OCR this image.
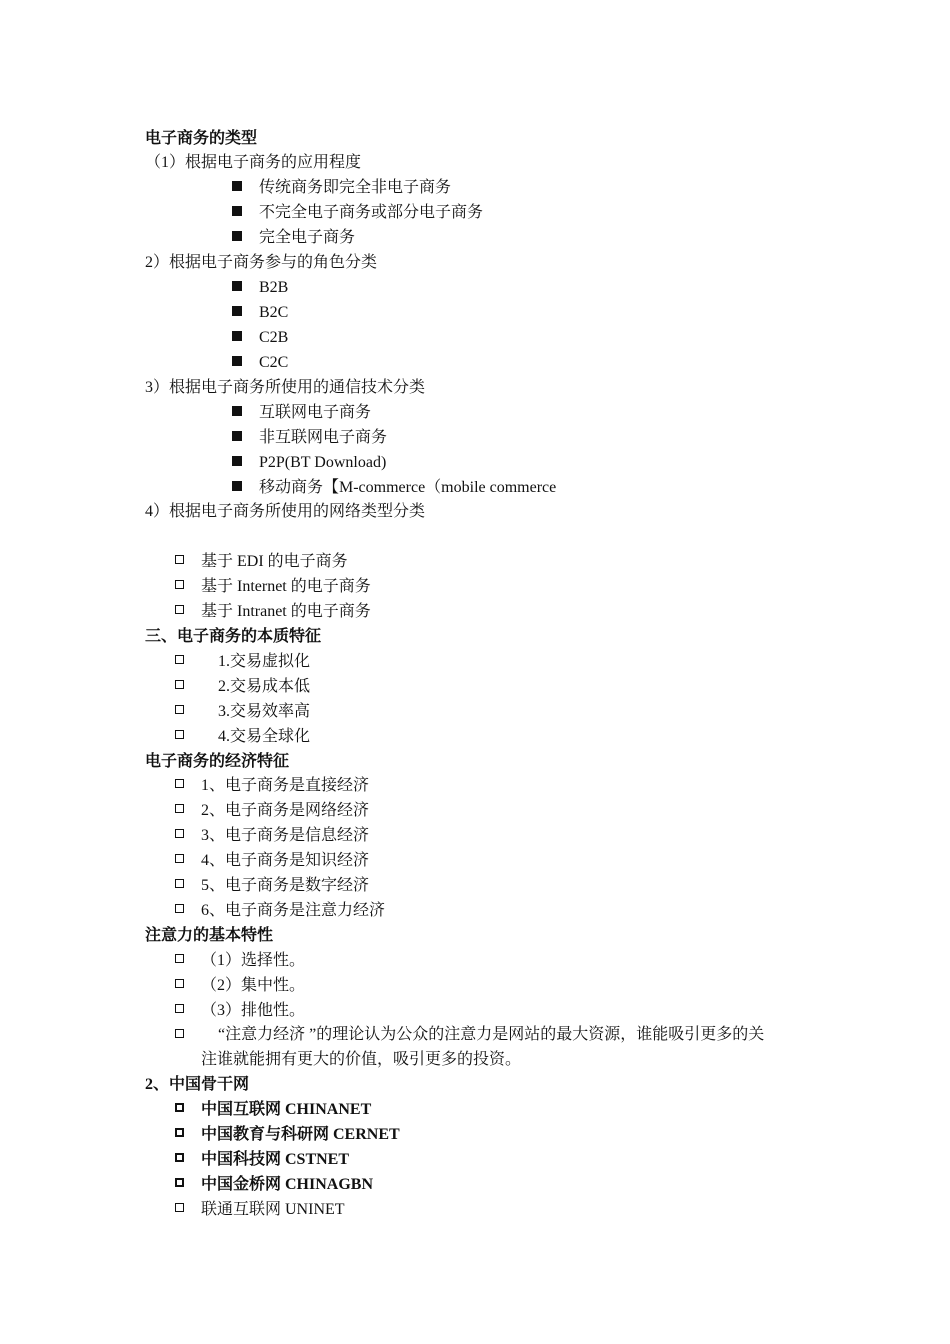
电子商务的类型
（1）根据电子商务的应用程度
传统商务即完全非电子商务
不完全电子商务或部分电子商务
完全电子商务
2）根据电子商务参与的角色分类
B2B
B2C
C2B
C2C
3）根据电子商务所使用的通信技术分类
互联网电子商务
非互联网电子商务
P2P(BT Download)
移动商务【M-commerce（mobile commerce
4）根据电子商务所使用的网络类型分类
基于 EDI 的电子商务
基于 Internet 的电子商务
基于 Intranet 的电子商务
三、电子商务的本质特征
1.交易虚拟化
2.交易成本低
3.交易效率高
4.交易全球化
电子商务的经济特征
1、电子商务是直接经济
2、电子商务是网络经济
3、电子商务是信息经济
4、电子商务是知识经济
5、电子商务是数字经济
6、电子商务是注意力经济
注意力的基本特性
（1）选择性。
（2）集中性。
（3）排他性。
“注意力经济 ”的理论认为公众的注意力是网站的最大资源，谁能吸引更多的关
注谁就能拥有更大的价值，吸引更多的投资。
2、中国骨干网
中国互联网 CHINANET
中国教育与科研网 CERNET
中国科技网 CSTNET
中国金桥网 CHINAGBN
联通互联网 UNINET
